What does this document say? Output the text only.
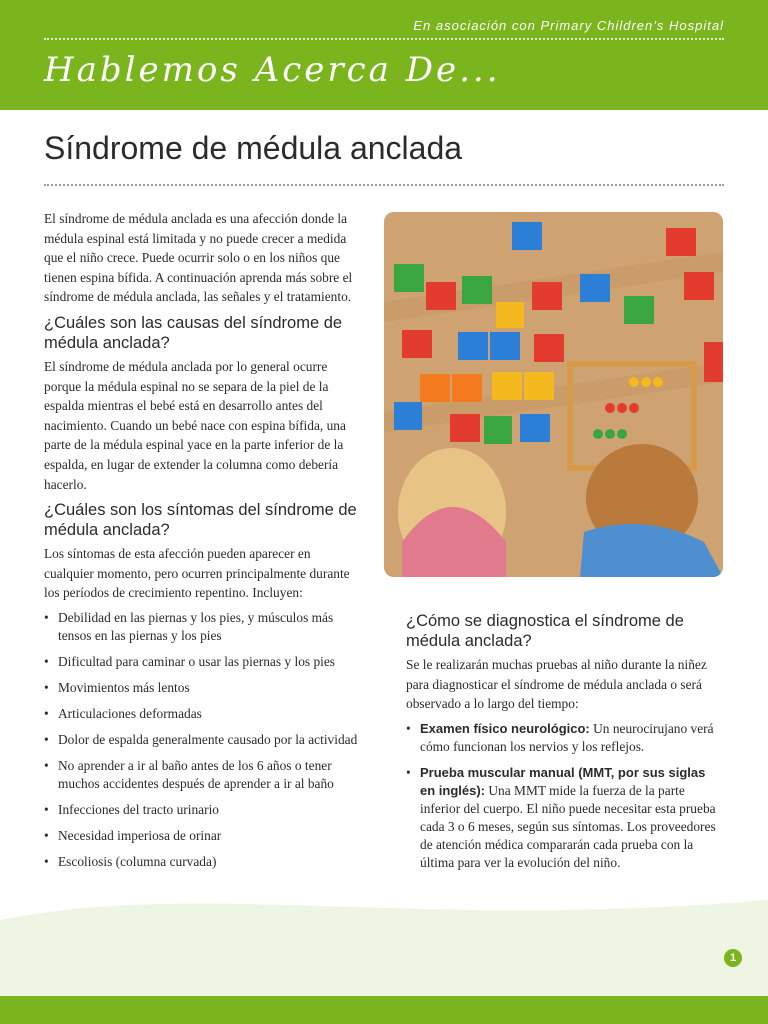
En asociación con Primary Children’s Hospital
Hablemos Acerca De...
Síndrome de médula anclada

El síndrome de médula anclada es una afección donde la médula espinal está limitada y no puede crecer a medida que el niño crece. Puede ocurrir solo o en los niños que tienen espina bífida. A continuación aprenda más sobre el síndrome de médula anclada, las señales y el tratamiento.

¿Cuáles son las causas del síndrome de médula anclada?

El síndrome de médula anclada por lo general ocurre porque la médula espinal no se separa de la piel de la espalda mientras el bebé está en desarrollo antes del nacimiento. Cuando un bebé nace con espina bífida, una parte de la médula espinal yace en la parte inferior de la espalda, en lugar de extender la columna como debería hacerlo.

¿Cuáles son los síntomas del síndrome de médula anclada?

Los síntomas de esta afección pueden aparecer en cualquier momento, pero ocurren principalmente durante los períodos de crecimiento repentino. Incluyen:

• Debilidad en las piernas y los pies, y músculos más tensos en las piernas y los pies
• Dificultad para caminar o usar las piernas y los pies
• Movimientos más lentos
• Articulaciones deformadas
• Dolor de espalda generalmente causado por la actividad
• No aprender a ir al baño antes de los 6 años o tener muchos accidentes después de aprender a ir al baño
• Infecciones del tracto urinario
• Necesidad imperiosa de orinar
• Escoliosis (columna curvada)
¿Cómo se diagnostica el síndrome de médula anclada?

Se le realizarán muchas pruebas al niño durante la niñez para diagnosticar el síndrome de médula anclada o será observado a lo largo del tiempo:

• Examen físico neurológico: Un neurocirujano verá cómo funcionan los nervios y los reflejos.
• Prueba muscular manual (MMT, por sus siglas en inglés): Una MMT mide la fuerza de la parte inferior del cuerpo. El niño puede necesitar esta prueba cada 3 o 6 meses, según sus síntomas. Los proveedores de atención médica compararán cada prueba con la última para ver la evolución del niño.
1
